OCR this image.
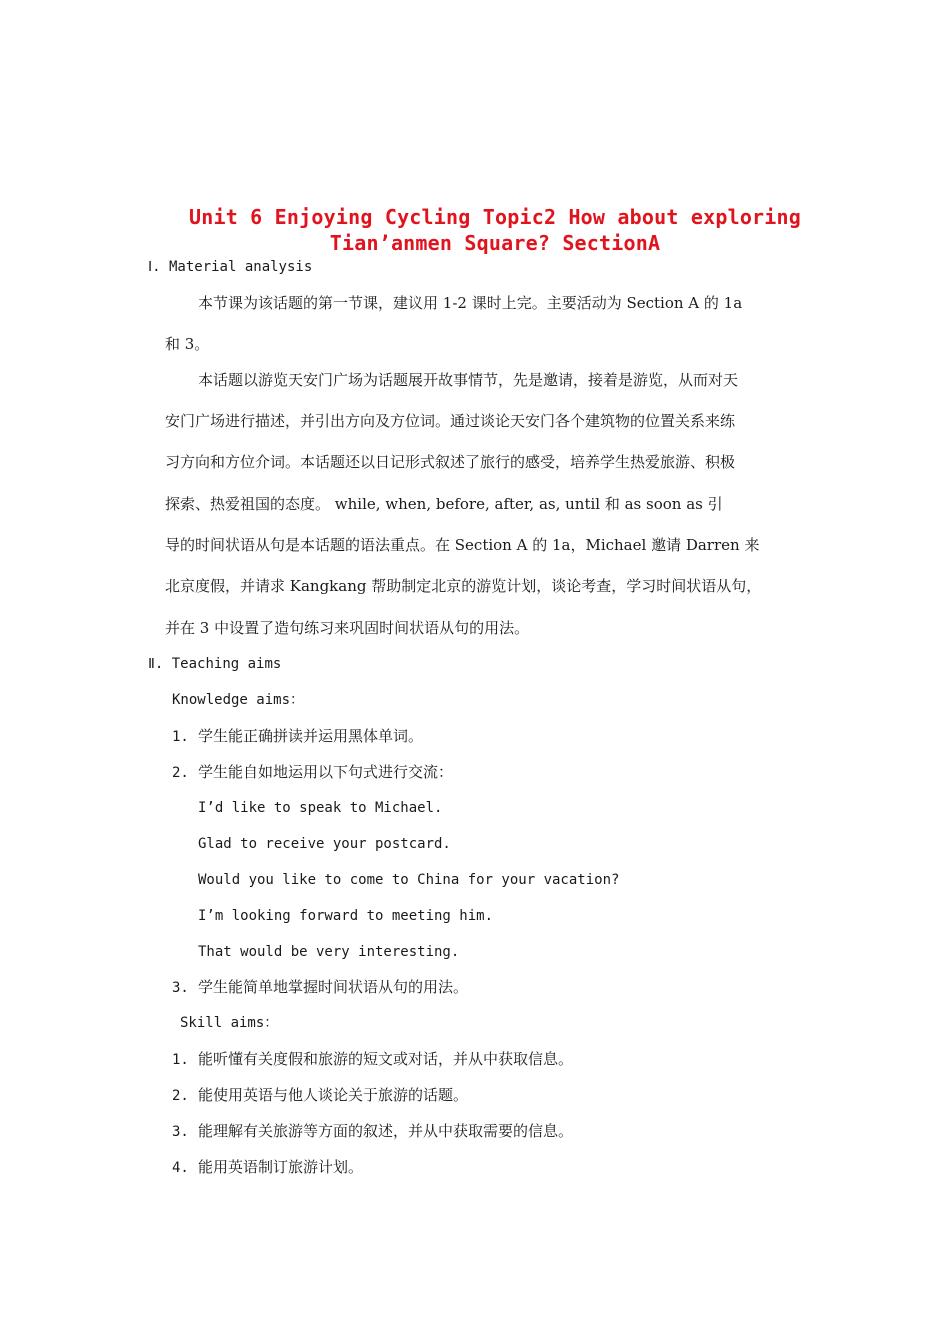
Unit 6 Enjoying Cycling Topic2 How about exploring
Tian’anmen Square? SectionA
Ⅰ. Material analysis
本节课为该话题的第一节课，建议用 1-2 课时上完。主要活动为 Section A 的 1a
和 3。
本话题以游览天安门广场为话题展开故事情节，先是邀请，接着是游览，从而对天
安门广场进行描述，并引出方向及方位词。通过谈论天安门各个建筑物的位置关系来练
习方向和方位介词。本话题还以日记形式叙述了旅行的感受，培养学生热爱旅游、积极
探索、热爱祖国的态度。 while, when, before, after, as, until 和 as soon as 引
导的时间状语从句是本话题的语法重点。在 Section A 的 1a，Michael 邀请 Darren 来
北京度假，并请求 Kangkang 帮助制定北京的游览计划，谈论考查，学习时间状语从句，
并在 3 中设置了造句练习来巩固时间状语从句的用法。
Ⅱ. Teaching aims
Knowledge aims：
1. 学生能正确拼读并运用黑体单词。
2. 学生能自如地运用以下句式进行交流：
I’d like to speak to Michael.
Glad to receive your postcard.
Would you like to come to China for your vacation?
I’m looking forward to meeting him.
That would be very interesting.
3. 学生能简单地掌握时间状语从句的用法。
Skill aims：
1. 能听懂有关度假和旅游的短文或对话，并从中获取信息。
2. 能使用英语与他人谈论关于旅游的话题。
3. 能理解有关旅游等方面的叙述，并从中获取需要的信息。
4. 能用英语制订旅游计划。
